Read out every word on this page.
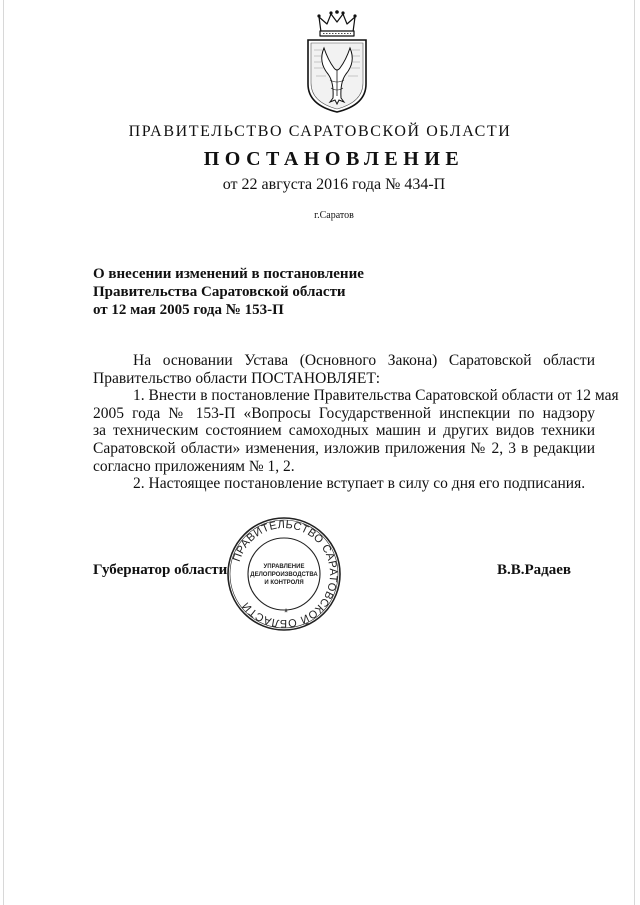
ПРАВИТЕЛЬСТВО САРАТОВСКОЙ ОБЛАСТИ
ПОСТАНОВЛЕНИЕ
от 22 августа 2016 года № 434-П
г.Саратов
О внесении изменений в постановление
Правительства Саратовской области
от 12 мая 2005 года № 153-П
На основании Устава (Основного Закона) Саратовской области
Правительство области ПОСТАНОВЛЯЕТ:
1. Внести в постановление Правительства Саратовской области от 12 мая
2005 года № 153-П «Вопросы Государственной инспекции по надзору
за техническим состоянием самоходных машин и других видов техники
Саратовской области» изменения, изложив приложения № 2, 3 в редакции
согласно приложениям № 1, 2.
2. Настоящее постановление вступает в силу со дня его подписания.
Губернатор области	В.В.Радаев
ПРАВИТЕЛЬСТВО САРАТОВСКОЙ ОБЛАСТИ
УПРАВЛЕНИЕ
ДЕЛОПРОИЗВОДСТВА
И КОНТРОЛЯ
*
